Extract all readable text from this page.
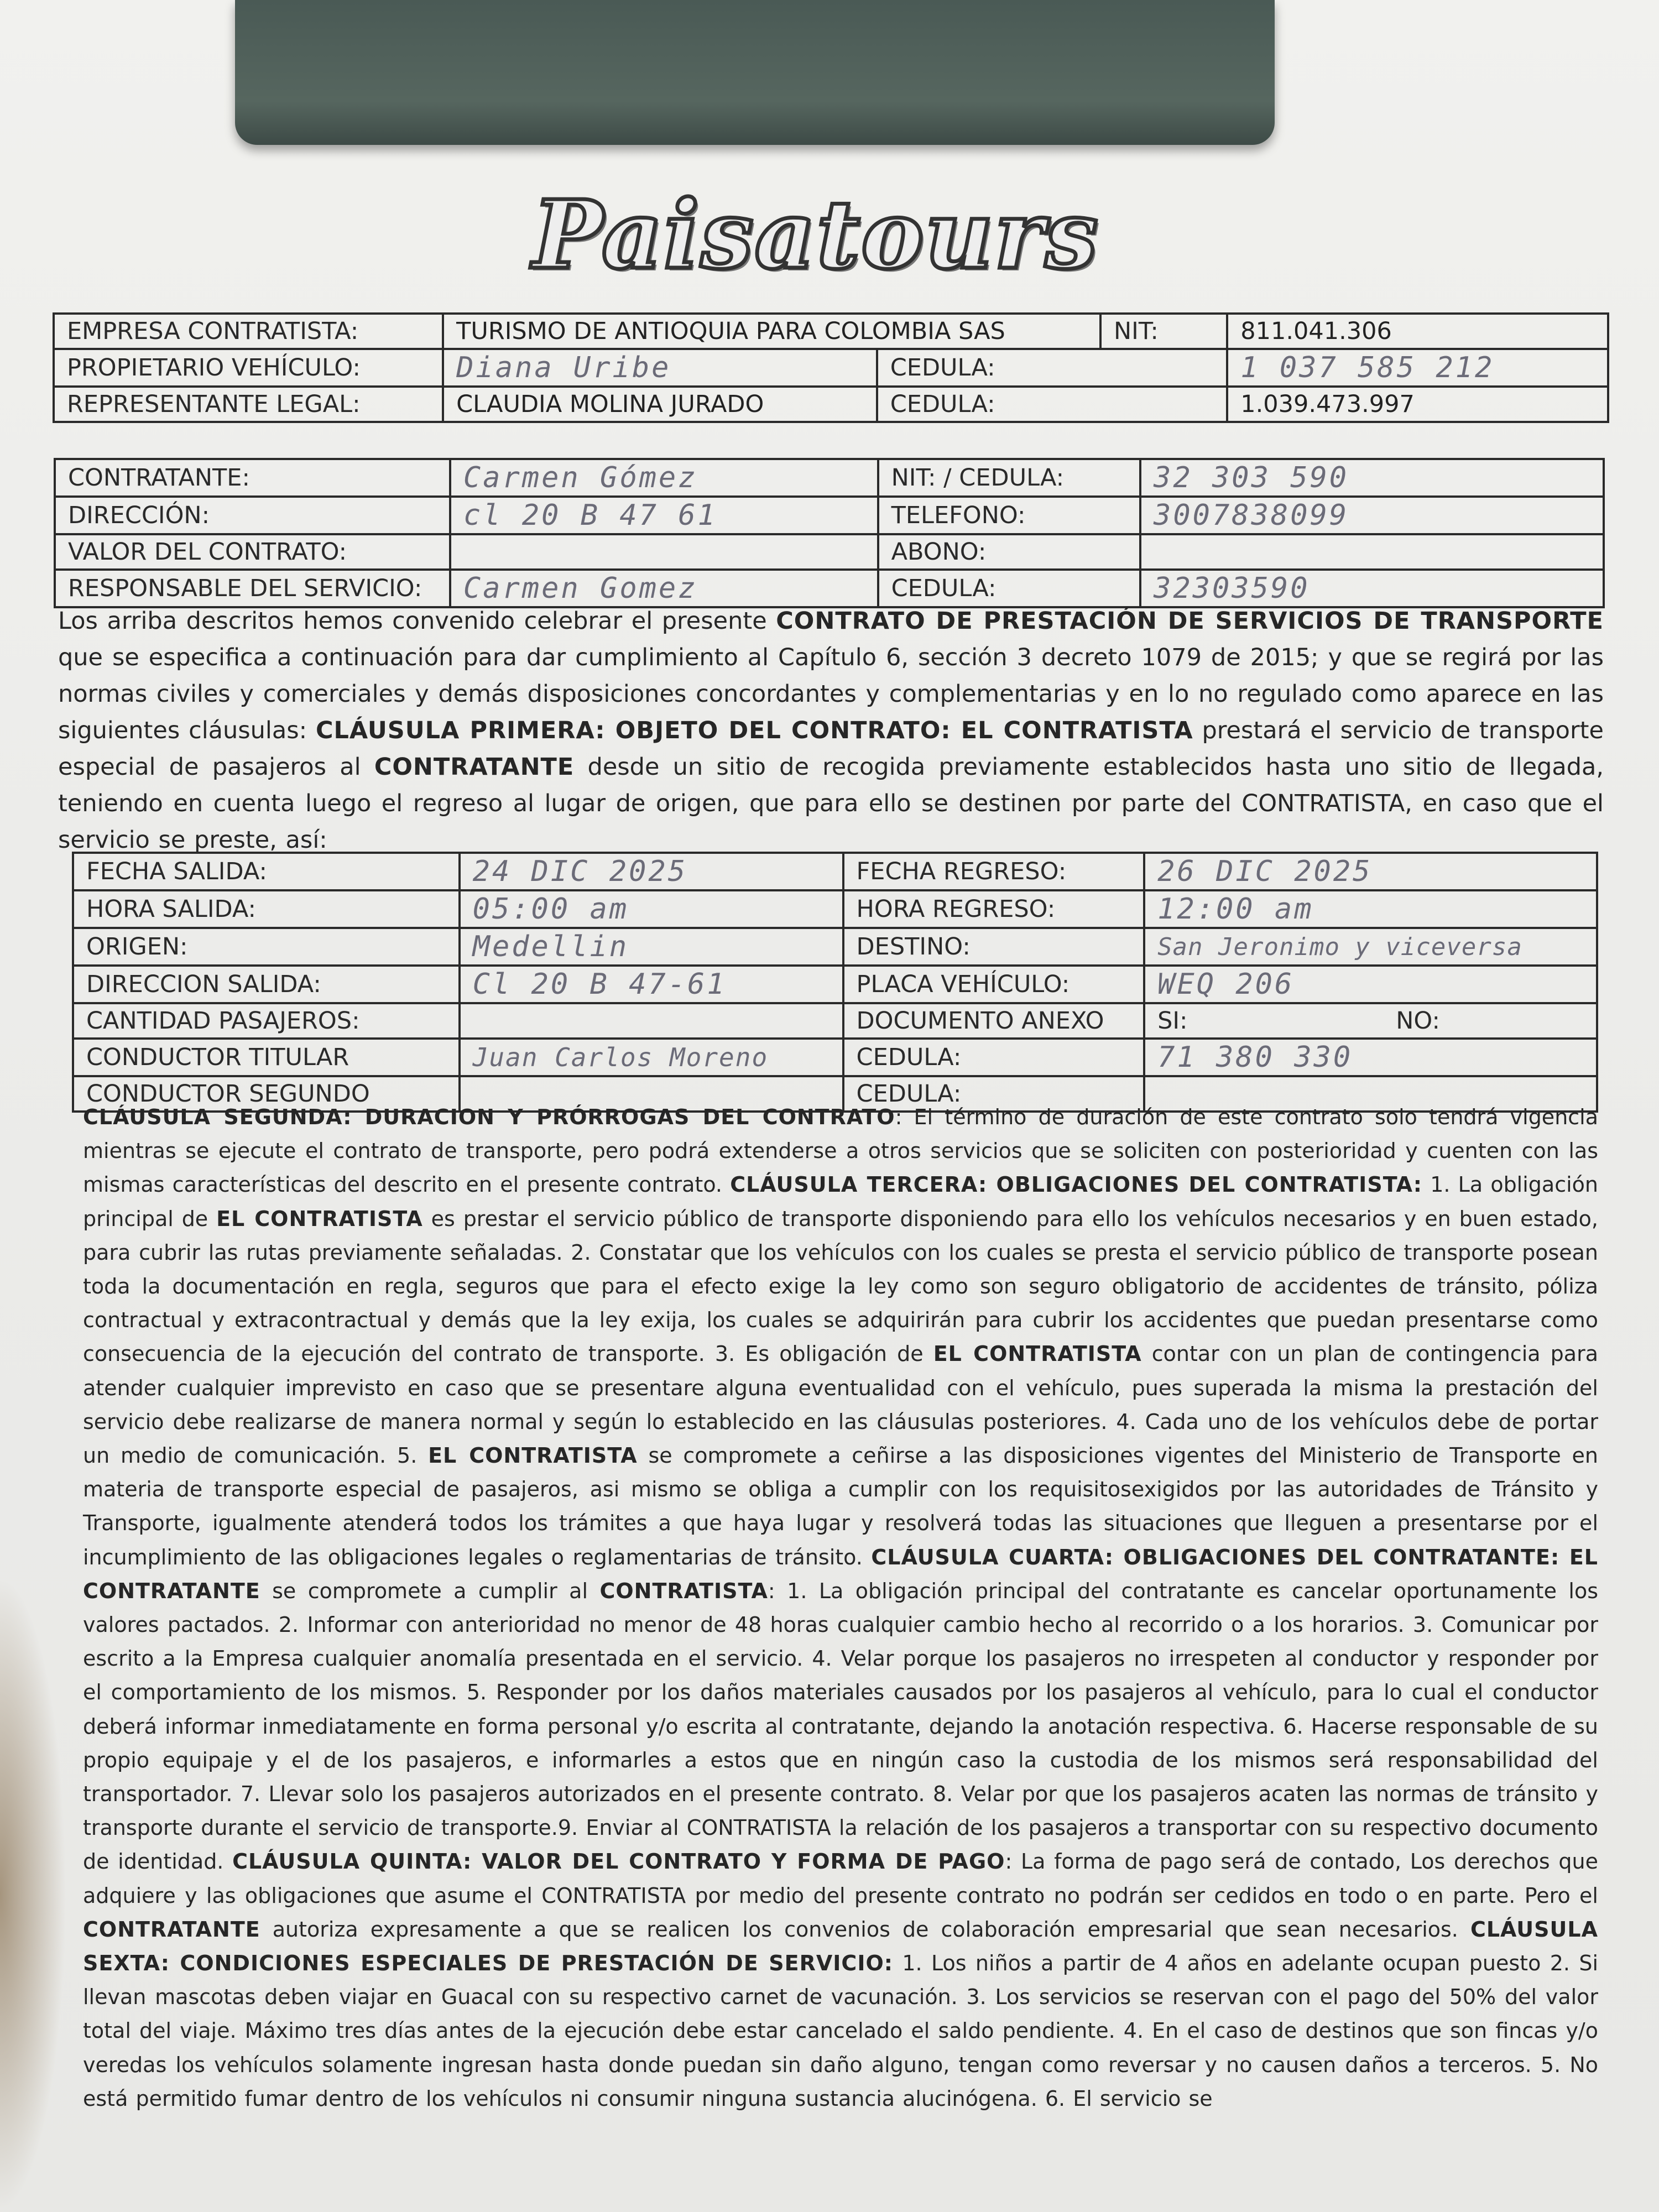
Paisatours
EMPRESA CONTRATISTA:	TURISMO DE ANTIOQUIA PARA COLOMBIA SAS		NIT:	811.041.306
PROPIETARIO VEHÍCULO:	Diana Uribe	CEDULA:		1 037 585 212
REPRESENTANTE LEGAL:	CLAUDIA MOLINA JURADO	CEDULA:		1.039.473.997
CONTRATANTE:	Carmen Gómez	NIT: / CEDULA:	32 303 590
DIRECCIÓN:	cl 20 B 47 61	TELEFONO:	3007838099
VALOR DEL CONTRATO:		ABONO:	
RESPONSABLE DEL SERVICIO:	Carmen Gomez	CEDULA:	32303590

Los arriba descritos hemos convenido celebrar el presente CONTRATO DE PRESTACIÓN DE SERVICIOS DE TRANSPORTE que se especifica a continuación para dar cumplimiento al Capítulo 6, sección 3 decreto 1079 de 2015; y que se regirá por las normas civiles y comerciales y demás disposiciones concordantes y complementarias y en lo no regulado como aparece en las siguientes cláusulas: CLÁUSULA PRIMERA: OBJETO DEL CONTRATO: EL CONTRATISTA prestará el servicio de transporte especial de pasajeros al CONTRATANTE desde un sitio de recogida previamente establecidos hasta uno sitio de llegada, teniendo en cuenta luego el regreso al lugar de origen, que para ello se destinen por parte del CONTRATISTA, en caso que el servicio se preste, así:

FECHA SALIDA:	24 DIC 2025	FECHA REGRESO:	26 DIC 2025
HORA SALIDA:	05:00 am	HORA REGRESO:	12:00 am
ORIGEN:	Medellin	DESTINO:	San Jeronimo y viceversa
DIRECCION SALIDA:	Cl 20 B 47-61	PLACA VEHÍCULO:	WEQ 206
CANTIDAD PASAJEROS:		DOCUMENTO ANEXO	SI: NO:

CONDUCTOR TITULAR	Juan Carlos Moreno	CEDULA:	71 380 330
CONDUCTOR SEGUNDO		CEDULA:	

CLÁUSULA SEGUNDA: DURACION Y PRÓRROGAS DEL CONTRATO: El término de duración de este contrato solo tendrá vigencia mientras se ejecute el contrato de transporte, pero podrá extenderse a otros servicios que se soliciten con posterioridad y cuenten con las mismas características del descrito en el presente contrato. CLÁUSULA TERCERA: OBLIGACIONES DEL CONTRATISTA: 1. La obligación principal de EL CONTRATISTA es prestar el servicio público de transporte disponiendo para ello los vehículos necesarios y en buen estado, para cubrir las rutas previamente señaladas. 2. Constatar que los vehículos con los cuales se presta el servicio público de transporte posean toda la documentación en regla, seguros que para el efecto exige la ley como son seguro obligatorio de accidentes de tránsito, póliza contractual y extracontractual y demás que la ley exija, los cuales se adquirirán para cubrir los accidentes que puedan presentarse como consecuencia de la ejecución del contrato de transporte. 3. Es obligación de EL CONTRATISTA contar con un plan de contingencia para atender cualquier imprevisto en caso que se presentare alguna eventualidad con el vehículo, pues superada la misma la prestación del servicio debe realizarse de manera normal y según lo establecido en las cláusulas posteriores. 4. Cada uno de los vehículos debe de portar un medio de comunicación. 5. EL CONTRATISTA se compromete a ceñirse a las disposiciones vigentes del Ministerio de Transporte en materia de transporte especial de pasajeros, asi mismo se obliga a cumplir con los requisitosexigidos por las autoridades de Tránsito y Transporte, igualmente atenderá todos los trámites a que haya lugar y resolverá todas las situaciones que lleguen a presentarse por el incumplimiento de las obligaciones legales o reglamentarias de tránsito. CLÁUSULA CUARTA: OBLIGACIONES DEL CONTRATANTE: EL CONTRATANTE se compromete a cumplir al CONTRATISTA: 1. La obligación principal del contratante es cancelar oportunamente los valores pactados. 2. Informar con anterioridad no menor de 48 horas cualquier cambio hecho al recorrido o a los horarios. 3. Comunicar por escrito a la Empresa cualquier anomalía presentada en el servicio. 4. Velar porque los pasajeros no irrespeten al conductor y responder por el comportamiento de los mismos. 5. Responder por los daños materiales causados por los pasajeros al vehículo, para lo cual el conductor deberá informar inmediatamente en forma personal y/o escrita al contratante, dejando la anotación respectiva. 6. Hacerse responsable de su propio equipaje y el de los pasajeros, e informarles a estos que en ningún caso la custodia de los mismos será responsabilidad del transportador. 7. Llevar solo los pasajeros autorizados en el presente contrato. 8. Velar por que los pasajeros acaten las normas de tránsito y transporte durante el servicio de transporte.9. Enviar al CONTRATISTA la relación de los pasajeros a transportar con su respectivo documento de identidad. CLÁUSULA QUINTA: VALOR DEL CONTRATO Y FORMA DE PAGO: La forma de pago será de contado, Los derechos que adquiere y las obligaciones que asume el CONTRATISTA por medio del presente contrato no podrán ser cedidos en todo o en parte. Pero el CONTRATANTE autoriza expresamente a que se realicen los convenios de colaboración empresarial que sean necesarios. CLÁUSULA SEXTA: CONDICIONES ESPECIALES DE PRESTACIÓN DE SERVICIO: 1. Los niños a partir de 4 años en adelante ocupan puesto 2. Si llevan mascotas deben viajar en Guacal con su respectivo carnet de vacunación. 3. Los servicios se reservan con el pago del 50% del valor total del viaje. Máximo tres días antes de la ejecución debe estar cancelado el saldo pendiente. 4. En el caso de destinos que son fincas y/o veredas los vehículos solamente ingresan hasta donde puedan sin daño alguno, tengan como reversar y no causen daños a terceros. 5. No está permitido fumar dentro de los vehículos ni consumir ninguna sustancia alucinógena. 6. El servicio se
